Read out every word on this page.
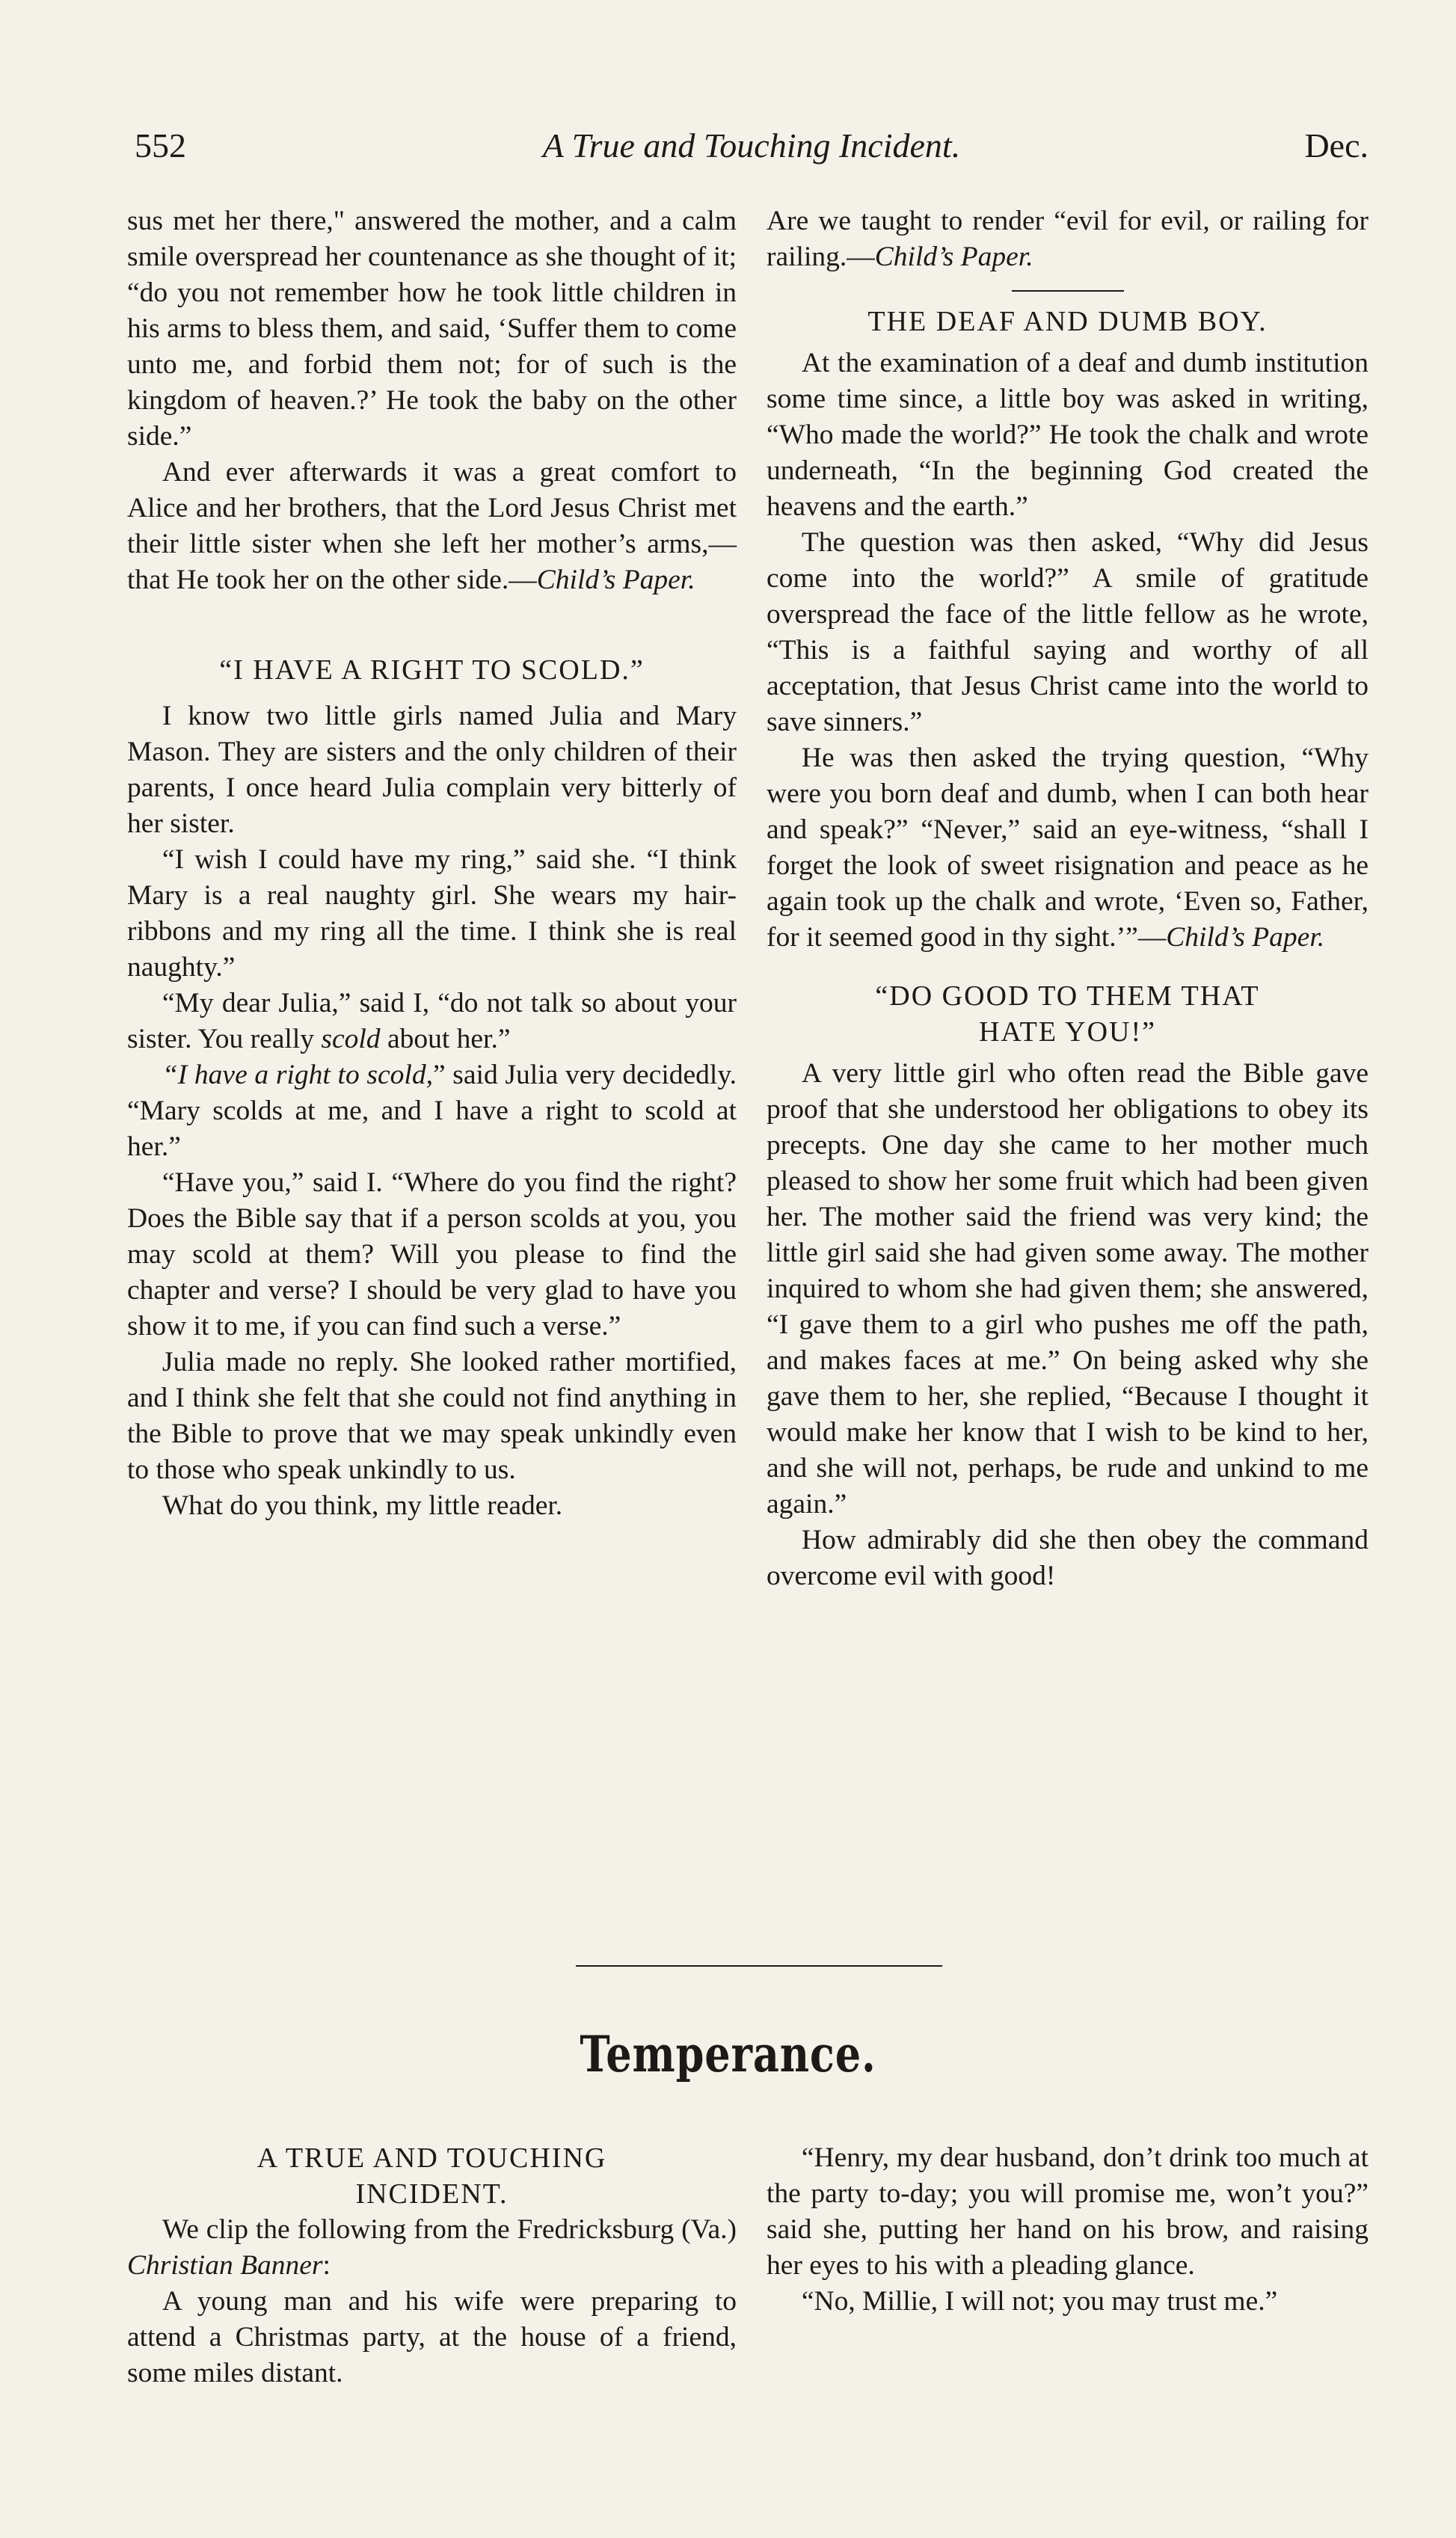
552	A True and Touching Incident.	Dec.

sus met her there," answered the mother, and a calm smile overspread her countenance as she thought of it; “do you not remember how he took little children in his arms to bless them, and said, ‘Suffer them to come unto me, and forbid them not; for of such is the kingdom of heaven.?’ He took the baby on the other side.”

And ever afterwards it was a great comfort to Alice and her brothers, that the Lord Jesus Christ met their little sister when she left her mother’s arms,—that He took her on the other side.—Child’s Paper.

“I HAVE A RIGHT TO SCOLD.”

I know two little girls named Julia and Mary Mason. They are sisters and the only children of their parents, I once heard Julia complain very bitterly of her sister.

“I wish I could have my ring,” said she. “I think Mary is a real naughty girl. She wears my hair-ribbons and my ring all the time. I think she is real naughty.”

“My dear Julia,” said I, “do not talk so about your sister. You really scold about her.”

“I have a right to scold,” said Julia very decidedly. “Mary scolds at me, and I have a right to scold at her.”

“Have you,” said I. “Where do you find the right? Does the Bible say that if a person scolds at you, you may scold at them? Will you please to find the chapter and verse? I should be very glad to have you show it to me, if you can find such a verse.”

Julia made no reply. She looked rather mortified, and I think she felt that she could not find anything in the Bible to prove that we may speak unkindly even to those who speak unkindly to us.

What do you think, my little reader.

Are we taught to render “evil for evil, or railing for railing.—Child’s Paper.

THE DEAF AND DUMB BOY.

At the examination of a deaf and dumb institution some time since, a little boy was asked in writing, “Who made the world?” He took the chalk and wrote underneath, “In the beginning God created the heavens and the earth.”

The question was then asked, “Why did Jesus come into the world?” A smile of gratitude overspread the face of the little fellow as he wrote, “This is a faithful saying and worthy of all acceptation, that Jesus Christ came into the world to save sinners.”

He was then asked the trying question, “Why were you born deaf and dumb, when I can both hear and speak?” “Never,” said an eye-witness, “shall I forget the look of sweet risignation and peace as he again took up the chalk and wrote, ‘Even so, Father, for it seemed good in thy sight.’”—Child’s Paper.

“DO GOOD TO THEM THAT

HATE YOU!”

A very little girl who often read the Bible gave proof that she understood her obligations to obey its precepts. One day she came to her mother much pleased to show her some fruit which had been given her. The mother said the friend was very kind; the little girl said she had given some away. The mother inquired to whom she had given them; she answered, “I gave them to a girl who pushes me off the path, and makes faces at me.” On being asked why she gave them to her, she replied, “Because I thought it would make her know that I wish to be kind to her, and she will not, perhaps, be rude and unkind to me again.”

How admirably did she then obey the command overcome evil with good!

Temperance.

A TRUE AND TOUCHING

INCIDENT.

We clip the following from the Fredricksburg (Va.) Christian Banner:

A young man and his wife were preparing to attend a Christmas party, at the house of a friend, some miles distant.

“Henry, my dear husband, don’t drink too much at the party to-day; you will promise me, won’t you?” said she, putting her hand on his brow, and raising her eyes to his with a pleading glance.

“No, Millie, I will not; you may trust me.”
